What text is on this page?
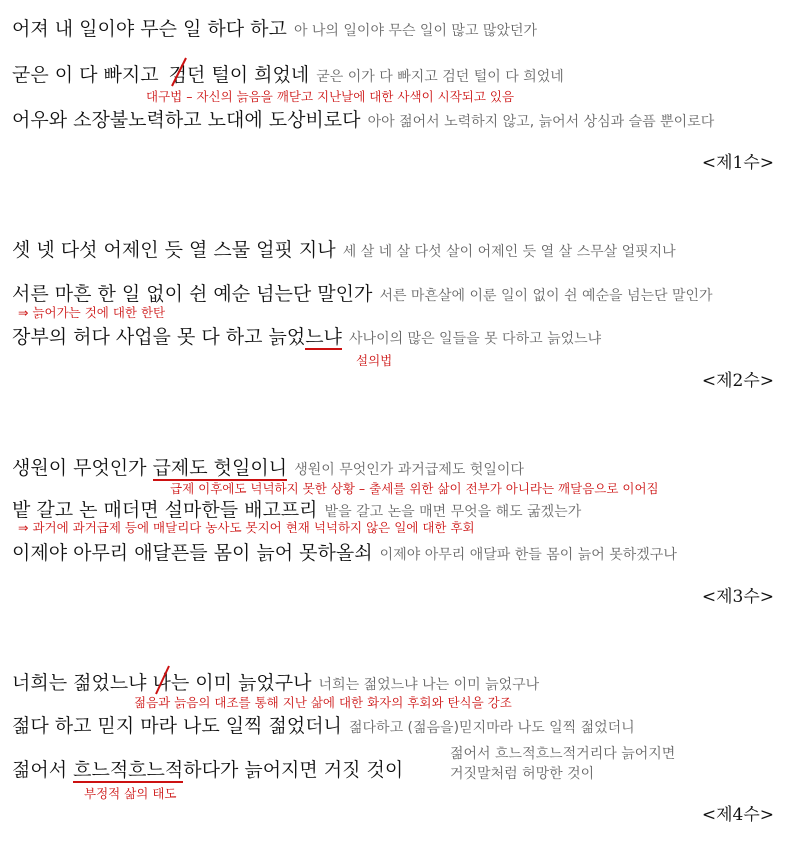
어져 내 일이야 무슨 일 하다 하고 아 나의 일이야 무슨 일이 많고 많았던가
굳은 이 다 빠지고 검던 털이 희었네 굳은 이가 다 빠지고 검던 털이 다 희었네
대구법 – 자신의 늙음을 깨닫고 지난날에 대한 사색이 시작되고 있음
어우와 소장불노력하고 노대에 도상비로다 아아 젊어서 노력하지 않고, 늙어서 상심과 슬픔 뿐이로다
<제1수>
셋 넷 다섯 어제인 듯 열 스물 얼핏 지나 세 살 네 살 다섯 살이 어제인 듯 열 살 스무살 얼핏지나
서른 마흔 한 일 없이 쉰 예순 넘는단 말인가 서른 마흔살에 이룬 일이 없이 쉰 예순을 넘는단 말인가
⇒ 늙어가는 것에 대한 한탄
장부의 허다 사업을 못 다 하고 늙었느냐 사나이의 많은 일들을 못 다하고 늙었느냐
설의법
<제2수>
생원이 무엇인가 급제도 헛일이니 생원이 무엇인가 과거급제도 헛일이다
급제 이후에도 넉넉하지 못한 상황 – 출세를 위한 삶이 전부가 아니라는 깨달음으로 이어짐
밭 갈고 논 매더면 설마한들 배고프리 밭을 갈고 논을 매면 무엇을 해도 굶겠는가
⇒ 과거에 과거급제 등에 매달리다 농사도 못지어 현재 넉넉하지 않은 일에 대한 후회
이제야 아무리 애달픈들 몸이 늙어 못하올쇠 이제야 아무리 애달파 한들 몸이 늙어 못하겠구나
<제3수>
너희는 젊었느냐 나는 이미 늙었구나 너희는 젊었느냐 나는 이미 늙었구나
젊음과 늙음의 대조를 통해 지난 삶에 대한 화자의 후회와 탄식을 강조
젊다 하고 믿지 마라 나도 일찍 젊었더니 젊다하고 (젊음을)믿지마라 나도 일찍 젊었더니
젊어서 흐느적흐느적하다가 늙어지면 거짓 것이
젊어서 흐느적흐느적거리다 늙어지면
거짓말처럼 허망한 것이
부정적 삶의 태도
<제4수>
